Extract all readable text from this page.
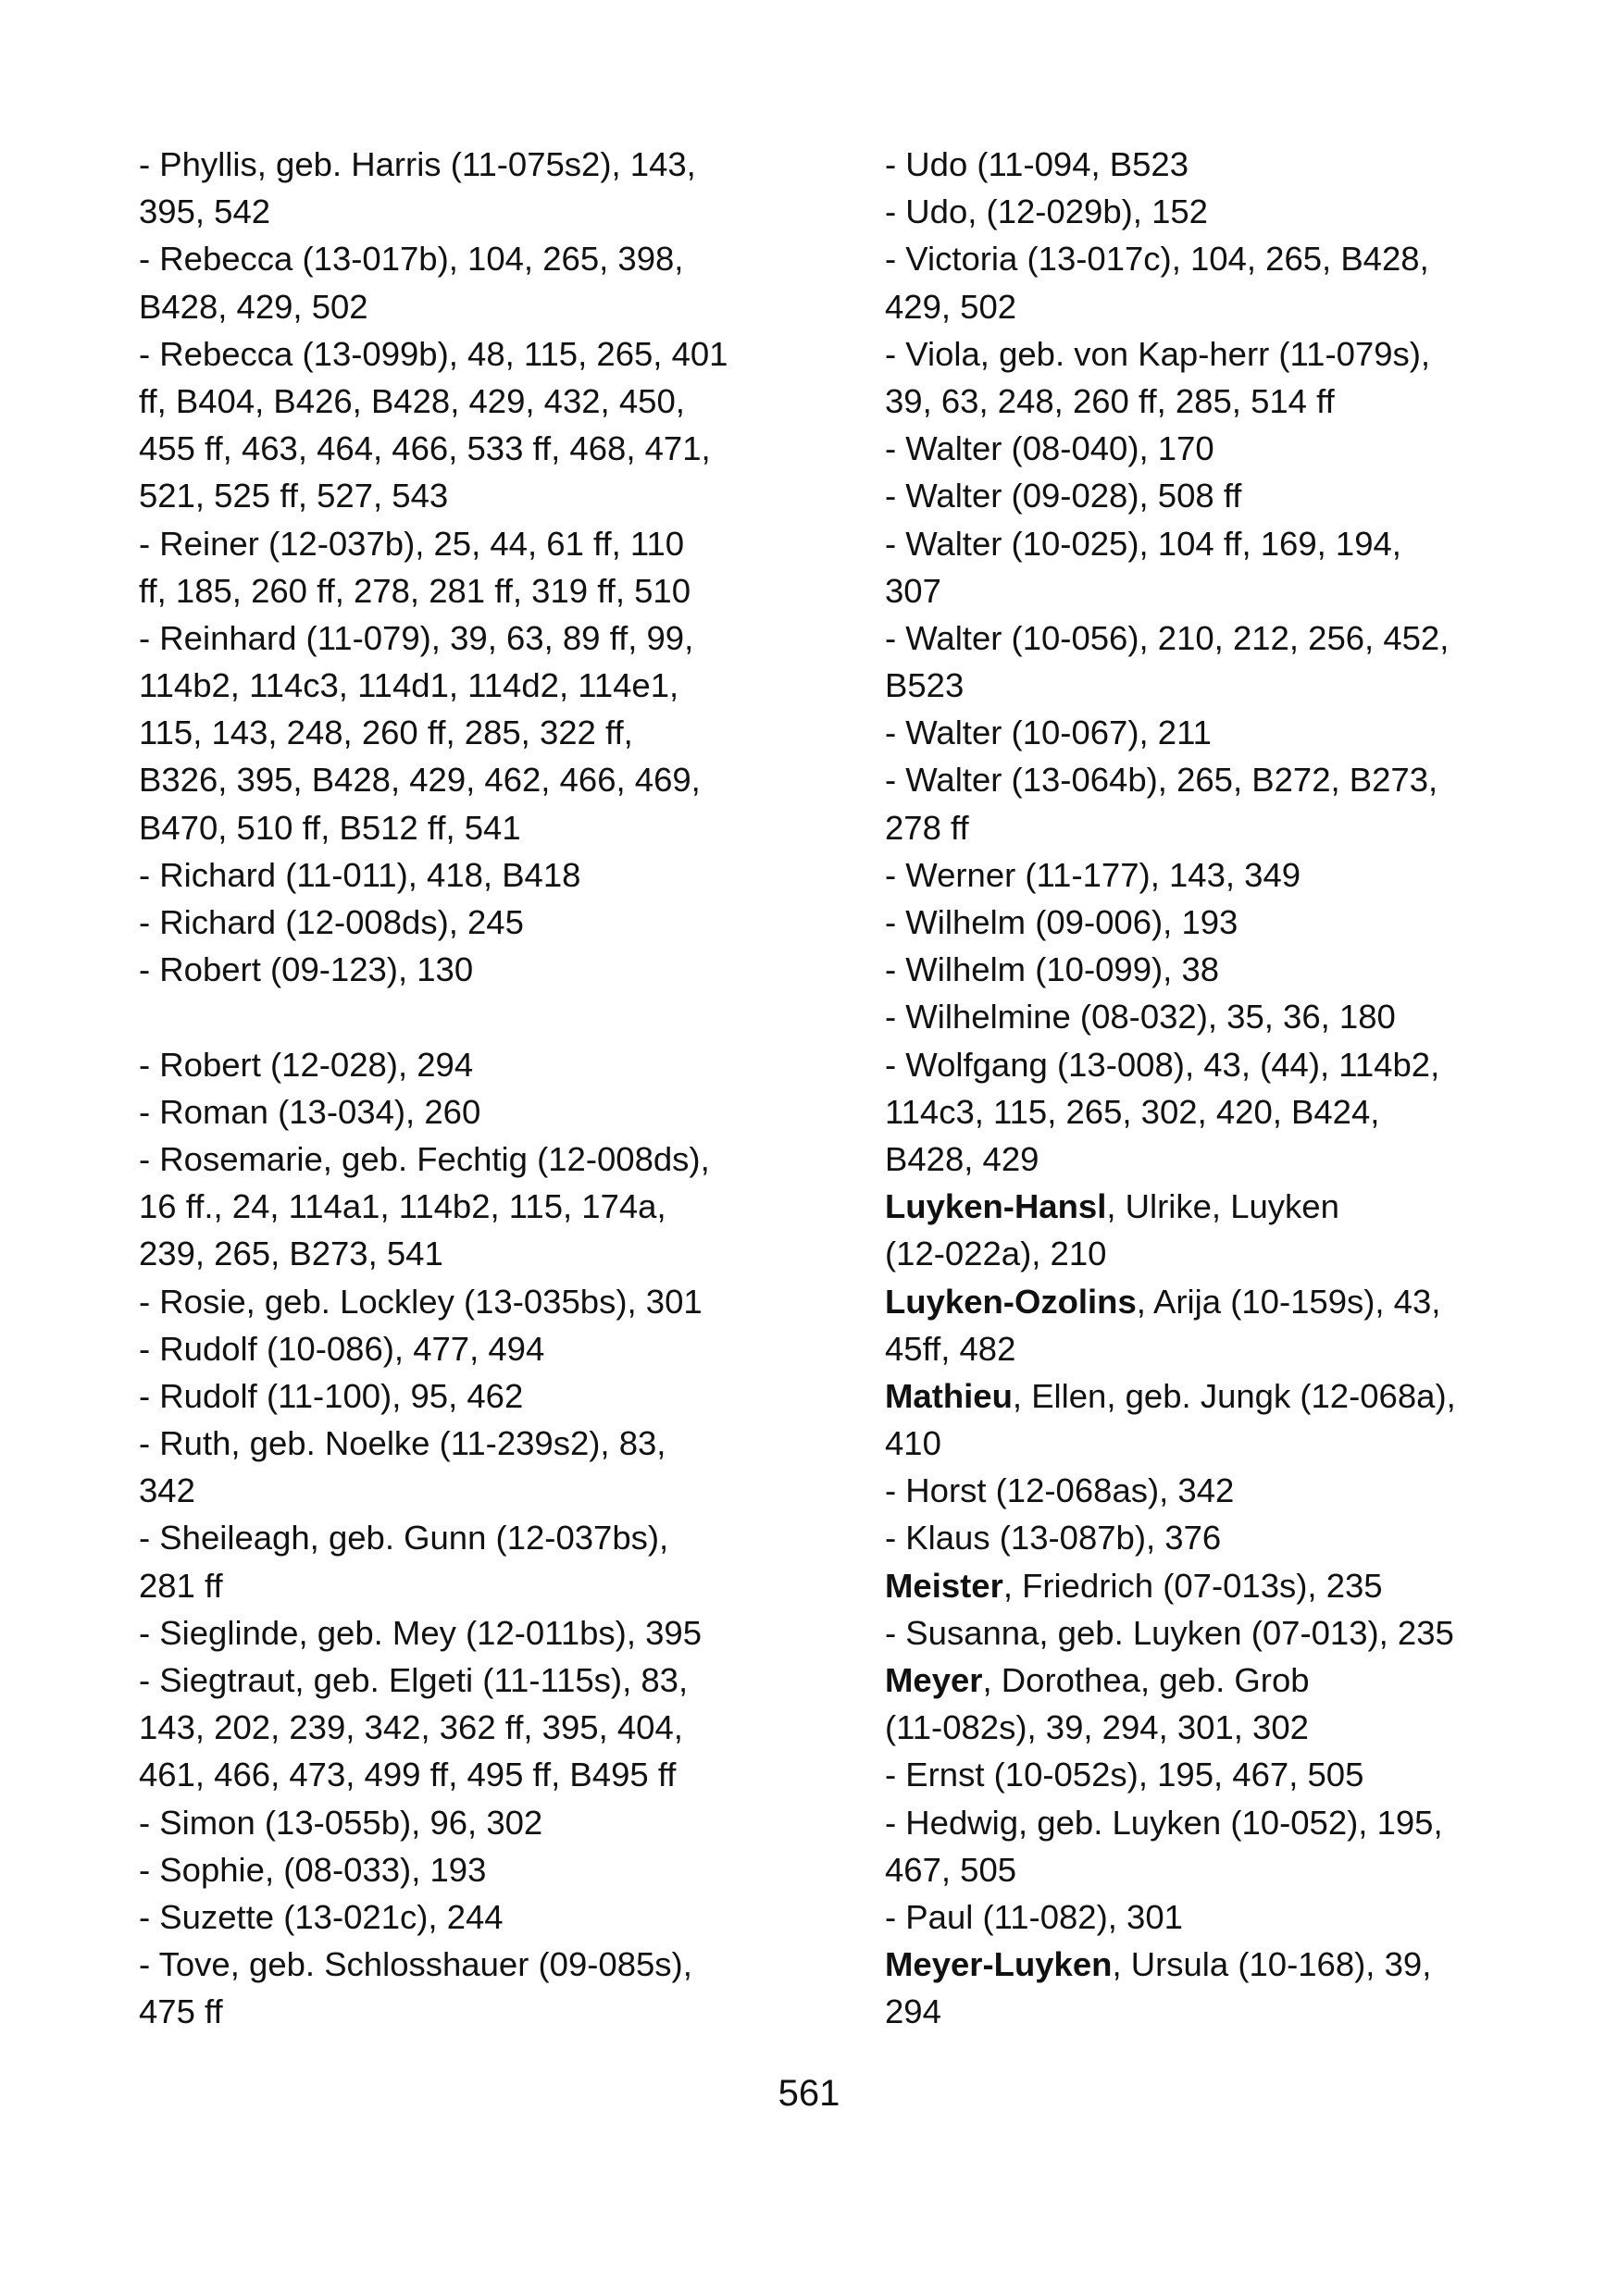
- Phyllis, geb. Harris (11-075s2), 143,
395, 542
- Rebecca (13-017b), 104, 265, 398,
B428, 429, 502
- Rebecca (13-099b), 48, 115, 265, 401
ff, B404, B426, B428, 429, 432, 450,
455 ff, 463, 464, 466, 533 ff, 468, 471,
521, 525 ff, 527, 543
- Reiner (12-037b), 25, 44, 61 ff, 110
ff, 185, 260 ff, 278, 281 ff, 319 ff, 510
- Reinhard (11-079), 39, 63, 89 ff, 99,
114b2, 114c3, 114d1, 114d2, 114e1,
115, 143, 248, 260 ff, 285, 322 ff,
B326, 395, B428, 429, 462, 466, 469,
B470, 510 ff, B512 ff, 541
- Richard (11-011), 418, B418
- Richard (12-008ds), 245
- Robert (09-123), 130
- Robert (12-028), 294
- Roman (13-034), 260
- Rosemarie, geb. Fechtig (12-008ds),
16 ff., 24, 114a1, 114b2, 115, 174a,
239, 265, B273, 541
- Rosie, geb. Lockley (13-035bs), 301
- Rudolf (10-086), 477, 494
- Rudolf (11-100), 95, 462
- Ruth, geb. Noelke (11-239s2), 83,
342
- Sheileagh, geb. Gunn (12-037bs),
281 ff
- Sieglinde, geb. Mey (12-011bs), 395
- Siegtraut, geb. Elgeti (11-115s), 83,
143, 202, 239, 342, 362 ff, 395, 404,
461, 466, 473, 499 ff, 495 ff, B495 ff
- Simon (13-055b), 96, 302
- Sophie, (08-033), 193
- Suzette (13-021c), 244
- Tove, geb. Schlosshauer (09-085s),
475 ff
- Udo (11-094, B523
- Udo, (12-029b), 152
- Victoria (13-017c), 104, 265, B428,
429, 502
- Viola, geb. von Kap-herr (11-079s),
39, 63, 248, 260 ff, 285, 514 ff
- Walter (08-040), 170
- Walter (09-028), 508 ff
- Walter (10-025), 104 ff, 169, 194,
307
- Walter (10-056), 210, 212, 256, 452,
B523
- Walter (10-067), 211
- Walter (13-064b), 265, B272, B273,
278 ff
- Werner (11-177), 143, 349
- Wilhelm (09-006), 193
- Wilhelm (10-099), 38
- Wilhelmine (08-032), 35, 36, 180
- Wolfgang (13-008), 43, (44), 114b2,
114c3, 115, 265, 302, 420, B424,
B428, 429
Luyken-Hansl, Ulrike, Luyken
(12-022a), 210
Luyken-Ozolins, Arija (10-159s), 43,
45ff, 482
Mathieu, Ellen, geb. Jungk (12-068a),
410
- Horst (12-068as), 342
- Klaus (13-087b), 376
Meister, Friedrich (07-013s), 235
- Susanna, geb. Luyken (07-013), 235
Meyer, Dorothea, geb. Grob
(11-082s), 39, 294, 301, 302
- Ernst (10-052s), 195, 467, 505
- Hedwig, geb. Luyken (10-052), 195,
467, 505
- Paul (11-082), 301
Meyer-Luyken, Ursula (10-168), 39,
294
561
